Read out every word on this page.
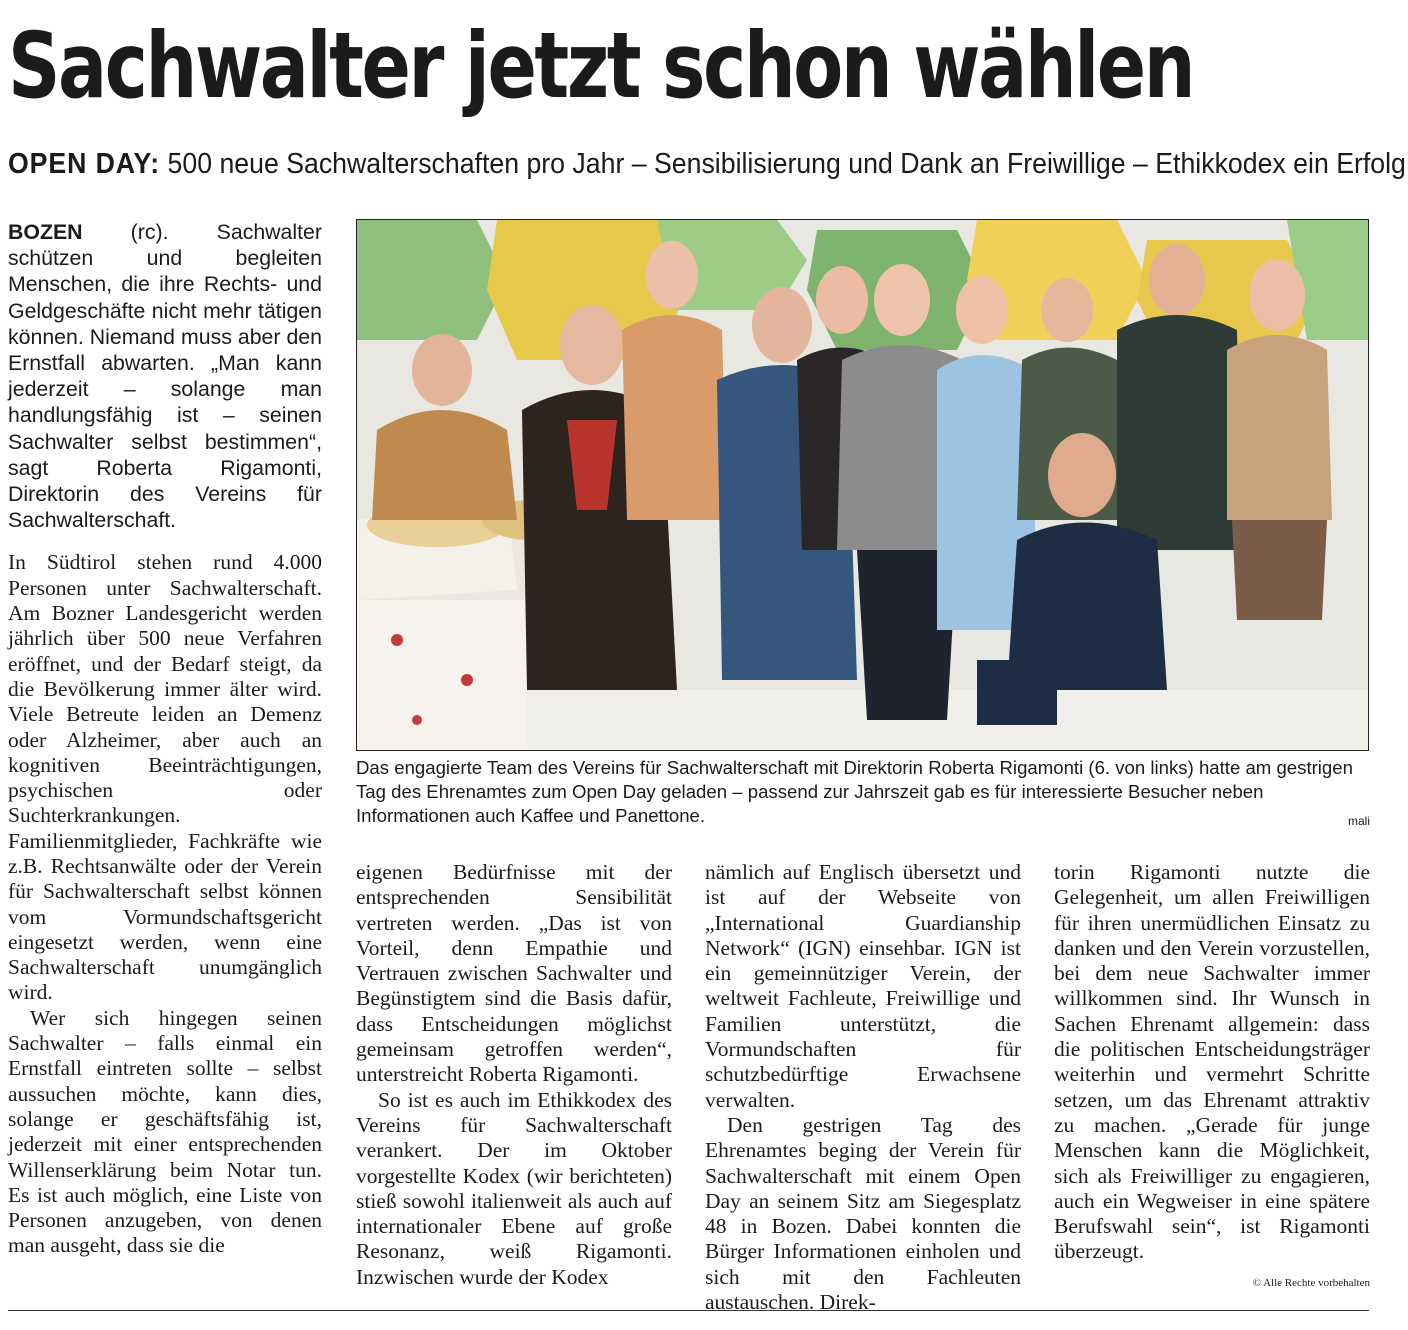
Sachwalter jetzt schon wählen
OPEN DAY: 500 neue Sachwalterschaften pro Jahr – Sensibilisierung und Dank an Freiwillige – Ethikkodex ein Erfolg

BOZEN (rc). Sachwalter schützen und begleiten Menschen, die ihre Rechts- und Geldgeschäfte nicht mehr tätigen können. Niemand muss aber den Ernstfall abwarten. „Man kann jederzeit – solange man handlungsfähig ist – seinen Sachwalter selbst bestimmen“, sagt Roberta Rigamonti, Direktorin des Vereins für Sachwalterschaft.

In Südtirol stehen rund 4.000 Personen unter Sachwalterschaft. Am Bozner Landesgericht werden jährlich über 500 neue Verfahren eröffnet, und der Bedarf steigt, da die Bevölkerung immer älter wird. Viele Betreute leiden an Demenz oder Alzheimer, aber auch an kognitiven Beeinträchtigungen, psychischen oder Suchterkrankungen. Familienmitglieder, Fachkräfte wie z.B. Rechtsanwälte oder der Verein für Sachwalterschaft selbst können vom Vormundschaftsgericht eingesetzt werden, wenn eine Sachwalterschaft unumgänglich wird.

Wer sich hingegen seinen Sachwalter – falls einmal ein Ernstfall eintreten sollte – selbst aussuchen möchte, kann dies, solange er geschäftsfähig ist, jederzeit mit einer entsprechenden Willenserklärung beim Notar tun. Es ist auch möglich, eine Liste von Personen anzugeben, von denen man ausgeht, dass sie die

Das engagierte Team des Vereins für Sachwalterschaft mit Direktorin Roberta Rigamonti (6. von links) hatte am gestrigen Tag des Ehrenamtes zum Open Day geladen – passend zur Jahrszeit gab es für interessierte Besucher neben Informationen auch Kaffee und Panettone.	mali

eigenen Bedürfnisse mit der entsprechenden Sensibilität vertreten werden. „Das ist von Vorteil, denn Empathie und Vertrauen zwischen Sachwalter und Begünstigtem sind die Basis dafür, dass Entscheidungen möglichst gemeinsam getroffen werden“, unterstreicht Roberta Rigamonti.

So ist es auch im Ethikkodex des Vereins für Sachwalterschaft verankert. Der im Oktober vorgestellte Kodex (wir berichteten) stieß sowohl italienweit als auch auf internationaler Ebene auf große Resonanz, weiß Rigamonti. Inzwischen wurde der Kodex

nämlich auf Englisch übersetzt und ist auf der Webseite von „International Guardianship Network“ (IGN) einsehbar. IGN ist ein gemeinnütziger Verein, der weltweit Fachleute, Freiwillige und Familien unterstützt, die Vormundschaften für schutzbedürftige Erwachsene verwalten.

Den gestrigen Tag des Ehrenamtes beging der Verein für Sachwalterschaft mit einem Open Day an seinem Sitz am Siegesplatz 48 in Bozen. Dabei konnten die Bürger Informationen einholen und sich mit den Fachleuten austauschen. Direk-

torin Rigamonti nutzte die Gelegenheit, um allen Freiwilligen für ihren unermüdlichen Einsatz zu danken und den Verein vorzustellen, bei dem neue Sachwalter immer willkommen sind. Ihr Wunsch in Sachen Ehrenamt allgemein: dass die politischen Entscheidungsträger weiterhin und vermehrt Schritte setzen, um das Ehrenamt attraktiv zu machen. „Gerade für junge Menschen kann die Möglichkeit, sich als Freiwilliger zu engagieren, auch ein Wegweiser in eine spätere Berufswahl sein“, ist Rigamonti überzeugt.

© Alle Rechte vorbehalten
